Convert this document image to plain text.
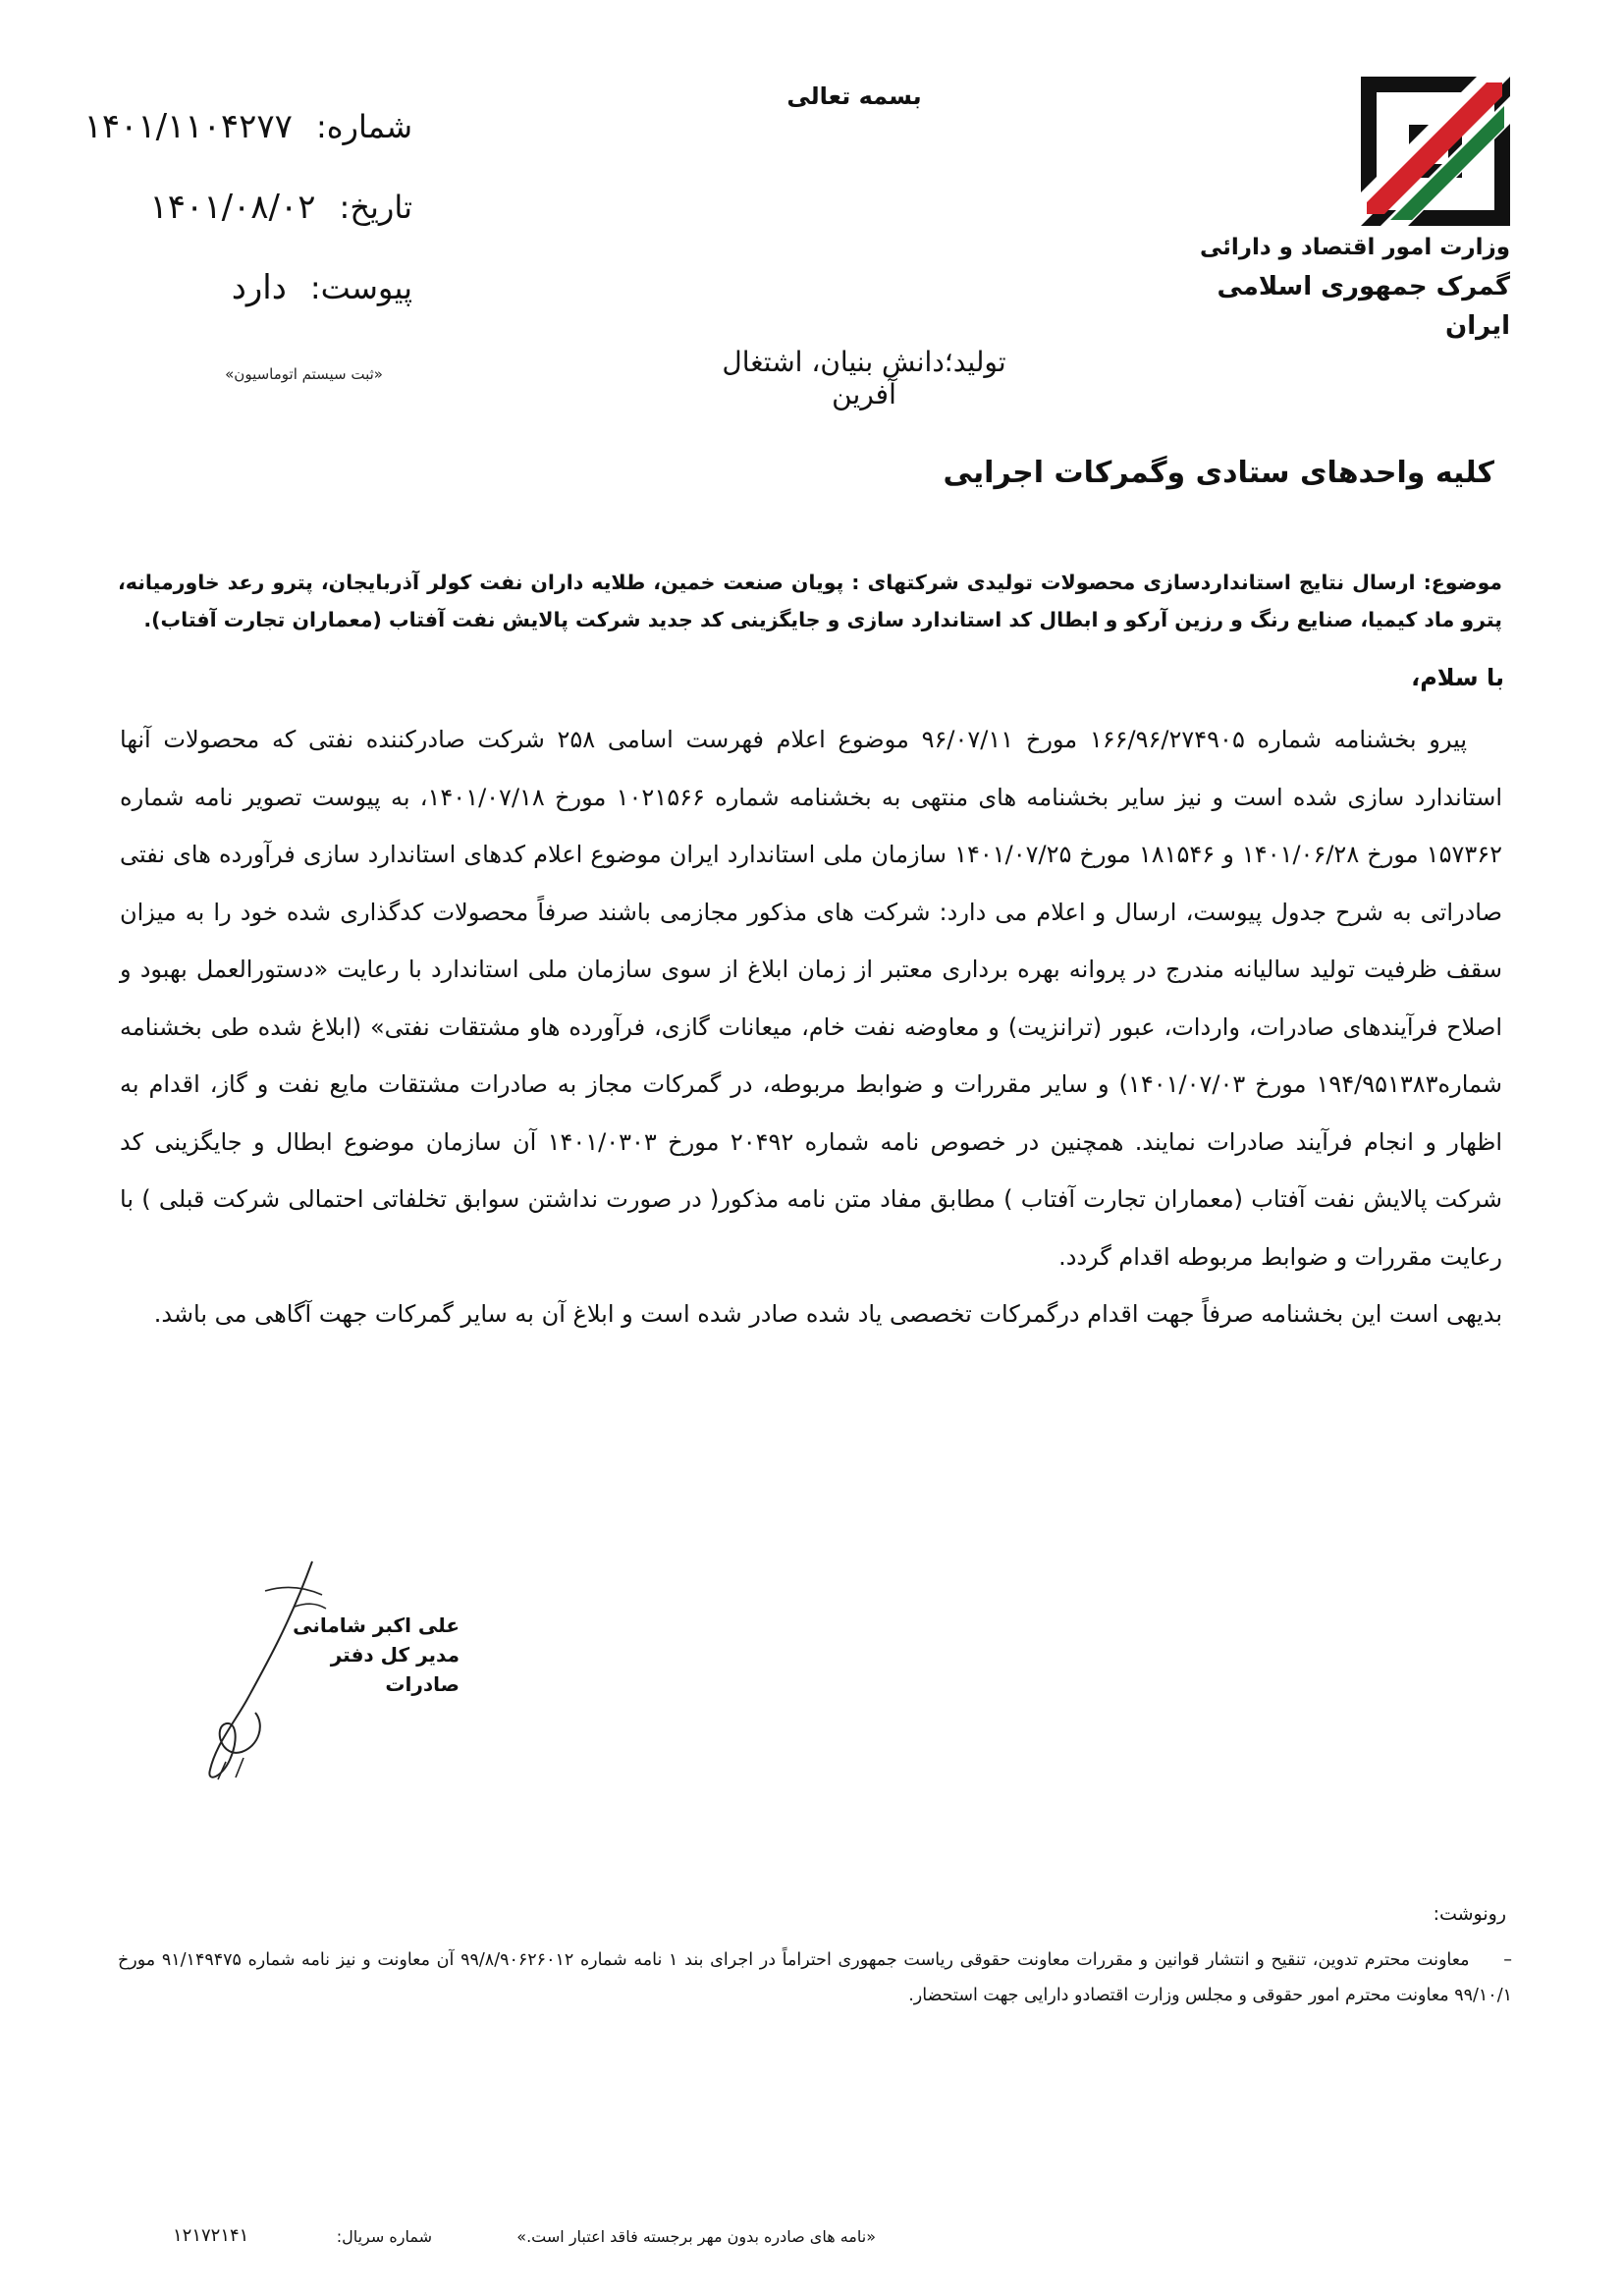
وزارت امور اقتصاد و دارائی
گمرک جمهوری اسلامی ایران
بسمه تعالی
شماره:
۱۴۰۱/۱۱۰۴۲۷۷
تاریخ:
۱۴۰۱/۰۸/۰۲
پیوست:
دارد
«ثبت سیستم اتوماسیون»	تولید؛دانش بنیان، اشتغال آفرین
کلیه واحدهای ستادی وگمرکات اجرایی
موضوع: ارسال نتایج استانداردسازی محصولات تولیدی شرکتهای : پویان صنعت خمین، طلایه داران نفت کولر آذربایجان، پترو رعد خاورمیانه، پترو ماد کیمیا، صنایع رنگ و رزین آرکو و ابطال کد استاندارد سازی و جایگزینی کد جدید شرکت پالایش نفت آفتاب (معماران تجارت آفتاب).
با سلام،

پیرو بخشنامه شماره ۱۶۶/۹۶/۲۷۴۹۰۵ مورخ ۹۶/۰۷/۱۱ موضوع اعلام فهرست اسامی ۲۵۸ شرکت صادرکننده نفتی که محصولات آنها استاندارد سازی شده است و نیز سایر بخشنامه های منتهی به بخشنامه شماره ۱۰۲۱۵۶۶ مورخ ۱۴۰۱/۰۷/۱۸، به پیوست تصویر نامه شماره ۱۵۷۳۶۲ مورخ ۱۴۰۱/۰۶/۲۸ و ۱۸۱۵۴۶ مورخ ۱۴۰۱/۰۷/۲۵ سازمان ملی استاندارد ایران موضوع اعلام کدهای استاندارد سازی فرآورده های نفتی صادراتی به شرح جدول پیوست، ارسال و اعلام می دارد: شرکت های مذکور مجازمی باشند صرفاً محصولات کدگذاری شده خود را به میزان سقف ظرفیت تولید سالیانه مندرج در پروانه بهره برداری معتبر از زمان ابلاغ از سوی سازمان ملی استاندارد با رعایت «دستورالعمل بهبود و اصلاح فرآیندهای صادرات، واردات، عبور (ترانزیت) و معاوضه نفت خام، میعانات گازی، فرآورده هاو مشتقات نفتی» (ابلاغ شده طی بخشنامه شماره۱۹۴/۹۵۱۳۸۳ مورخ ۱۴۰۱/۰۷/۰۳) و سایر مقررات و ضوابط مربوطه، در گمرکات مجاز به صادرات مشتقات مایع نفت و گاز، اقدام به اظهار و انجام فرآیند صادرات نمایند. همچنین در خصوص نامه شماره ۲۰۴۹۲ مورخ ۱۴۰۱/۰۳۰۳ آن سازمان موضوع ابطال و جایگزینی کد شرکت پالایش نفت آفتاب (معماران تجارت آفتاب ) مطابق مفاد متن نامه مذکور( در صورت نداشتن سوابق تخلفاتی احتمالی شرکت قبلی ) با رعایت مقررات و ضوابط مربوطه اقدام گردد.

بدیهی است این بخشنامه صرفاً جهت اقدام درگمرکات تخصصی یاد شده صادر شده است و ابلاغ آن به سایر گمرکات جهت آگاهی می باشد.

علی اکبر شامانی
مدیر کل دفتر صادرات
رونوشت:
– معاونت محترم تدوین، تنقیح و انتشار قوانین و مقررات معاونت حقوقی ریاست جمهوری احتراماً در اجرای بند ۱ نامه شماره ۹۹/۸/۹۰۶۲۶۰۱۲ آن معاونت و نیز نامه شماره ۹۱/۱۴۹۴۷۵ مورخ ۹۹/۱۰/۱ معاونت محترم امور حقوقی و مجلس وزارت اقتصادو دارایی جهت استحضار.
«نامه های صادره بدون مهر برجسته فاقد اعتبار است.»
شماره سریال:
۱۲۱۷۲۱۴۱
